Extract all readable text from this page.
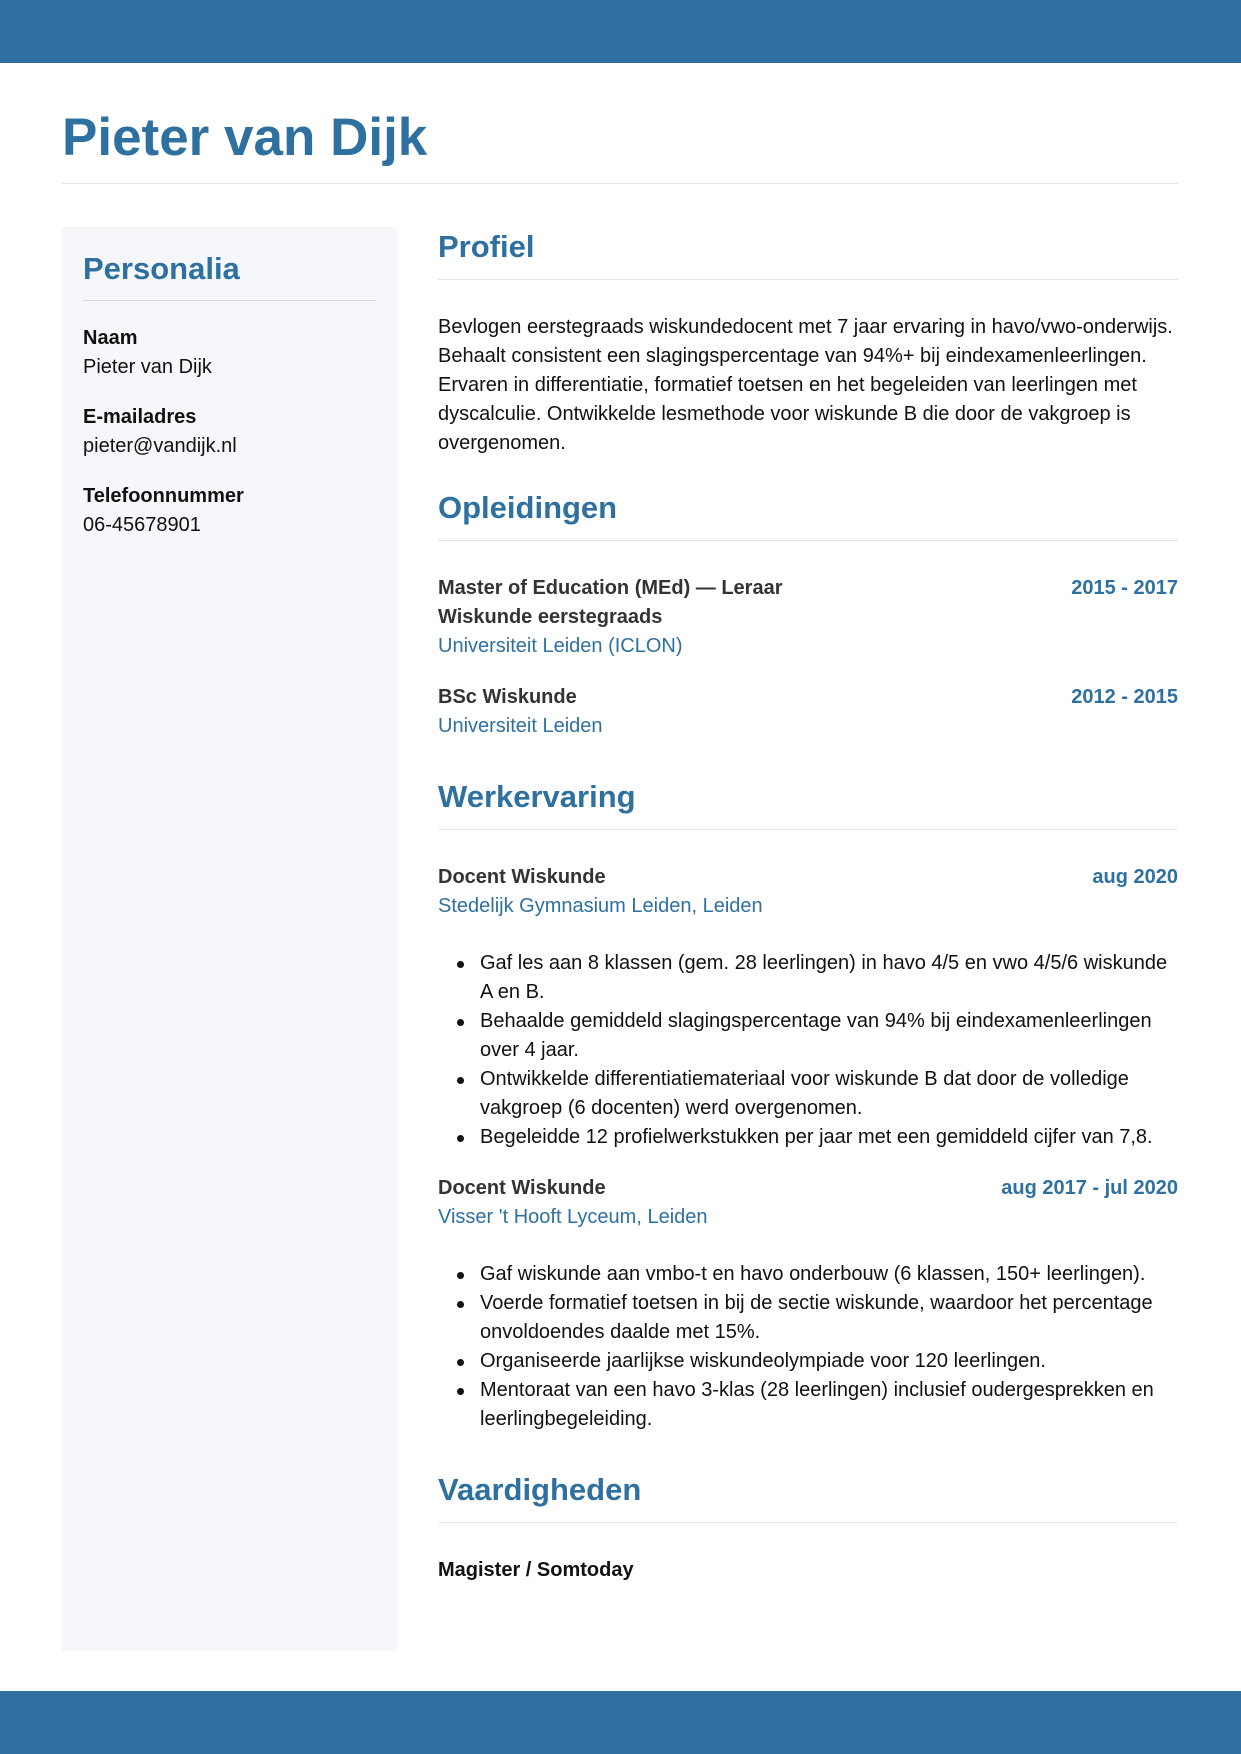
Pieter van Dijk
Personalia
Naam
Pieter van Dijk
E-mailadres
pieter@vandijk.nl
Telefoonnummer
06-45678901
Profiel

Bevlogen eerstegraads wiskundedocent met 7 jaar ervaring in havo/vwo-onderwijs. Behaalt consistent een slagingspercentage van 94%+ bij eindexamenleerlingen. Ervaren in differentiatie, formatief toetsen en het begeleiden van leerlingen met dyscalculie. Ontwikkelde lesmethode voor wiskunde B die door de vakgroep is overgenomen.

Opleidingen
Master of Education (MEd) — Leraar Wiskunde eerstegraads
2015 - 2017
Universiteit Leiden (ICLON)
BSc Wiskunde	2012 - 2015
Universiteit Leiden
Werkervaring
Docent Wiskunde	aug 2020
Stedelijk Gymnasium Leiden, Leiden
Gaf les aan 8 klassen (gem. 28 leerlingen) in havo 4/5 en vwo 4/5/6 wiskunde A en B.
Behaalde gemiddeld slagingspercentage van 94% bij eindexamenleerlingen over 4 jaar.
Ontwikkelde differentiatiemateriaal voor wiskunde B dat door de volledige vakgroep (6 docenten) werd overgenomen.
Begeleidde 12 profielwerkstukken per jaar met een gemiddeld cijfer van 7,8.
Docent Wiskunde	aug 2017 - jul 2020
Visser 't Hooft Lyceum, Leiden
Gaf wiskunde aan vmbo-t en havo onderbouw (6 klassen, 150+ leerlingen).
Voerde formatief toetsen in bij de sectie wiskunde, waardoor het percentage onvoldoendes daalde met 15%.
Organiseerde jaarlijkse wiskundeolympiade voor 120 leerlingen.
Mentoraat van een havo 3-klas (28 leerlingen) inclusief oudergesprekken en leerlingbegeleiding.
Vaardigheden
Magister / Somtoday
